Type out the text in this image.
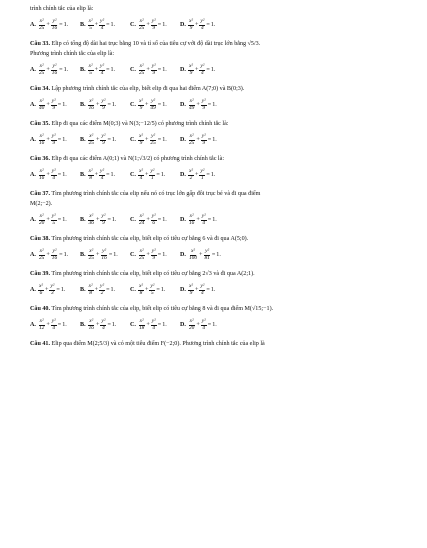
trình chính tắc của elip là:
A. $\frac{\text{x²}}{25} + \frac{\text{y²}}{16} = 1$. B. $\frac{\text{x²}}{5} + \frac{\text{y²}}{4} = 1$. C. $\frac{\text{x²}}{25} + \frac{\text{y²}}{9} = 1$. D. $\frac{\text{x²}}{9} + \frac{\text{y²}}{4} = 1$.
Câu 33. Elip có tổng độ dài hai trục bằng 10 và tỉ số của tiêu cự với độ dài trục lớn bằng √5/3.
Phương trình chính tắc của elip là:
A. $\frac{\text{x²}}{25} + \frac{\text{y²}}{16} = 1$. B. $\frac{\text{x²}}{5} + \frac{\text{y²}}{4} = 1$. C. $\frac{\text{x²}}{25} + \frac{\text{y²}}{9} = 1$. D. $\frac{\text{x²}}{9} + \frac{\text{y²}}{4} = 1$.
Câu 34. Lập phương trình chính tắc của elip, biết elip đi qua hai điểm A(7;0) và B(0;3).
A. $\frac{\text{x²}}{40} + \frac{\text{y²}}{9} = 1$. B. $\frac{\text{x²}}{16} + \frac{\text{y²}}{9} = 1$. C. $\frac{\text{x²}}{9} + \frac{\text{y²}}{49} = 1$. D. $\frac{\text{x²}}{49} + \frac{\text{y²}}{9} = 1$.
Câu 35. Elip đi qua các điểm M(0;3) và N(3;−12/5) có phương trình chính tắc là:
A. $\frac{\text{x²}}{16} + \frac{\text{y²}}{9} = 1$. B. $\frac{\text{x²}}{25} + \frac{\text{y²}}{9} = 1$. C. $\frac{\text{x²}}{9} + \frac{\text{y²}}{25} = 1$. D. $\frac{\text{x²}}{25} + \frac{\text{y²}}{9} = 1$.
Câu 36. Elip đi qua các điểm A(0;1) và N(1;√3/2) có phương trình chính tắc là:
A. $\frac{\text{x²}}{16} + \frac{\text{y²}}{4} = 1$. B. $\frac{\text{x²}}{8} + \frac{\text{y²}}{4} = 1$. C. $\frac{\text{x²}}{4} + \frac{\text{y²}}{1} = 1$. D. $\frac{\text{x²}}{2} + \frac{\text{y²}}{1} = 1$.
Câu 37. Tìm phương trình chính tắc của elip nếu nó có trục lớn gấp đôi trục bé và đi qua điểm
M(2;−2).
A. $\frac{\text{x²}}{20} + \frac{\text{y²}}{5} = 1$. B. $\frac{\text{x²}}{36} + \frac{\text{y²}}{9} = 1$. C. $\frac{\text{x²}}{24} + \frac{\text{y²}}{6} = 1$. D. $\frac{\text{x²}}{16} + \frac{\text{y²}}{4} = 1$.
Câu 38. Tìm phương trình chính tắc của elip, biết elip có tiêu cự bằng 6 và đi qua A(5;0).
A. $\frac{\text{x²}}{25} + \frac{\text{y²}}{16} = 1$. B. $\frac{\text{x²}}{25} + \frac{\text{y²}}{16} = 1$. C. $\frac{\text{x²}}{25} + \frac{\text{y²}}{9} = 1$. D. $\frac{\text{x²}}{100} + \frac{\text{y²}}{81} = 1$.
Câu 39. Tìm phương trình chính tắc của elip, biết elip có tiêu cự bằng 2√3 và đi qua A(2;1).
A. $\frac{\text{x²}}{6} + \frac{\text{y²}}{3} = 1$. B. $\frac{\text{x²}}{8} + \frac{\text{y²}}{2} = 1$. C. $\frac{\text{x²}}{8} + \frac{\text{y²}}{5} = 1$. D. $\frac{\text{x²}}{9} + \frac{\text{y²}}{4} = 1$.
Câu 40. Tìm phương trình chính tắc của elip, biết elip có tiêu cự bằng 8 và đi qua điểm M(√15;−1).
A. $\frac{\text{x²}}{12} + \frac{\text{y²}}{4} = 1$. B. $\frac{\text{x²}}{16} + \frac{\text{y²}}{4} = 1$. C. $\frac{\text{x²}}{18} + \frac{\text{y²}}{4} = 1$. D. $\frac{\text{x²}}{20} + \frac{\text{y²}}{4} = 1$.
Câu 41. Elip qua điểm M(2;5/3) và có một tiêu điểm F(−2;0). Phương trình chính tắc của elip là
